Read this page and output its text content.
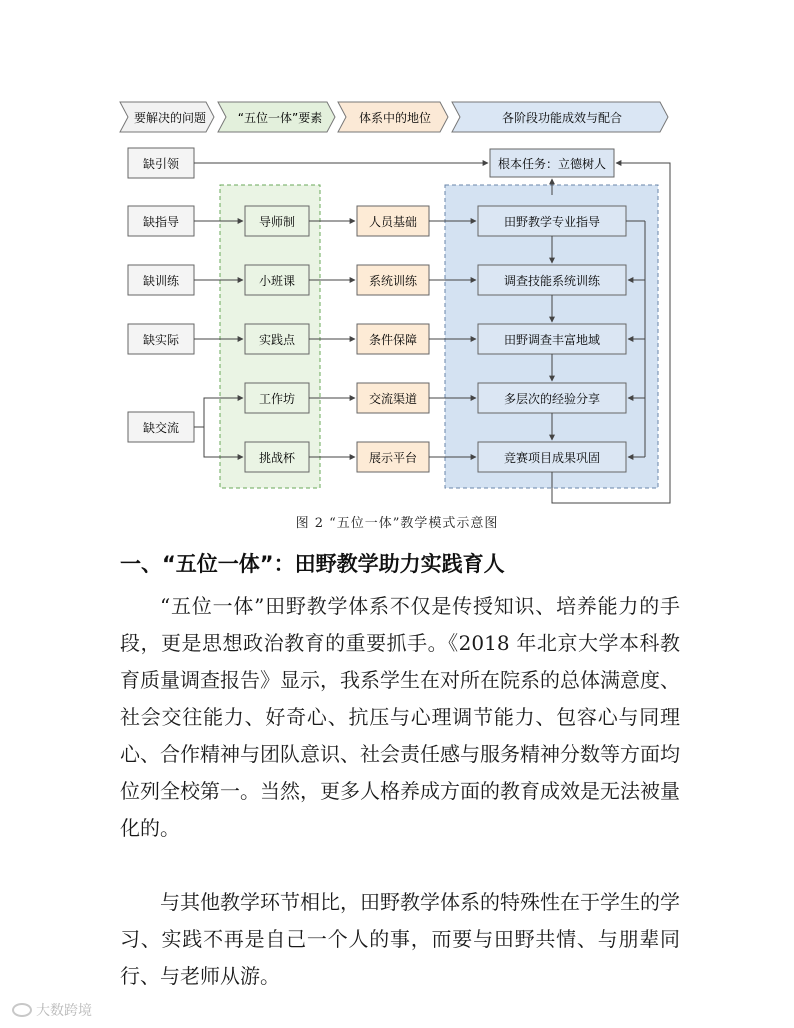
要解决的问题	“五位一体”要素	体系中的地位	各阶段功能成效与配合
缺引领
缺指导
缺训练
缺实际
缺交流
导师制
小班课
实践点
工作坊
挑战杯
人员基础
系统训练
条件保障
交流渠道
展示平台
根本任务：立德树人
田野教学专业指导
调查技能系统训练
田野调查丰富地域
多层次的经验分享
竞赛项目成果巩固
图 2 “五位一体”教学模式示意图
一、“五位一体”：田野教学助力实践育人

“五位一体”田野教学体系不仅是传授知识、培养能力的手段，更是思想政治教育的重要抓手。《2018 年北京大学本科教育质量调查报告》显示，我系学生在对所在院系的总体满意度、社会交往能力、好奇心、抗压与心理调节能力、包容心与同理心、合作精神与团队意识、社会责任感与服务精神分数等方面均位列全校第一。当然，更多人格养成方面的教育成效是无法被量化的。

与其他教学环节相比，田野教学体系的特殊性在于学生的学习、实践不再是自己一个人的事，而要与田野共情、与朋辈同行、与老师从游。

大数跨境
